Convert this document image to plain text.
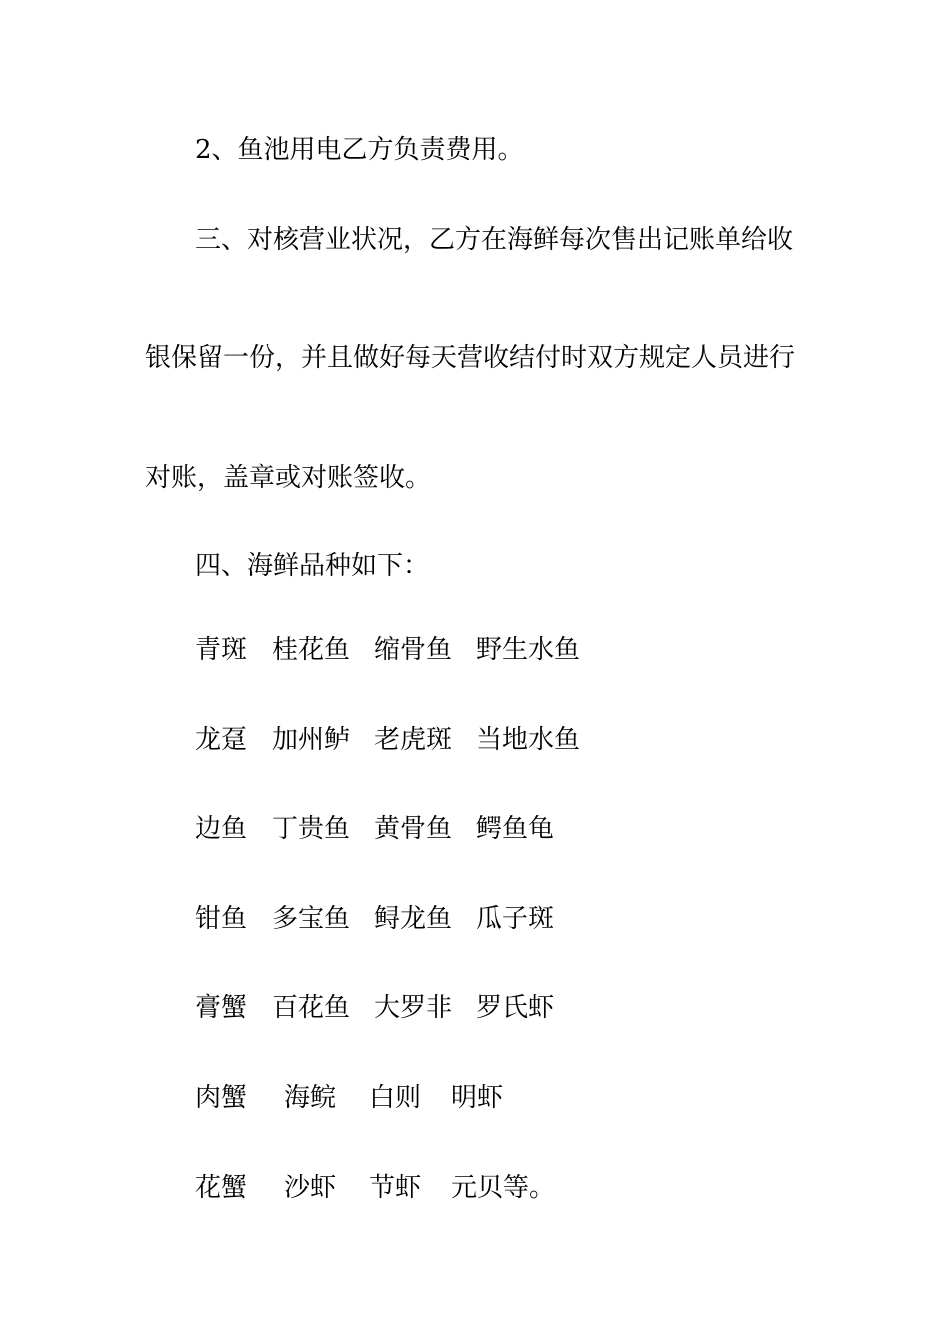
2、鱼池用电乙方负责费用。
三、对核营业状况，乙方在海鲜每次售出记账单给收
银保留一份，并且做好每天营收结付时双方规定人员进行
对账，盖章或对账签收。
四、海鲜品种如下：
青斑 桂花鱼 缩骨鱼 野生水鱼
龙趸 加州鲈 老虎斑 当地水鱼
边鱼 丁贵鱼 黄骨鱼 鳄鱼龟
钳鱼 多宝鱼 鲟龙鱼 瓜子斑
膏蟹 百花鱼 大罗非 罗氏虾
肉蟹 海鲩 白则 明虾
花蟹 沙虾 节虾 元贝等。
